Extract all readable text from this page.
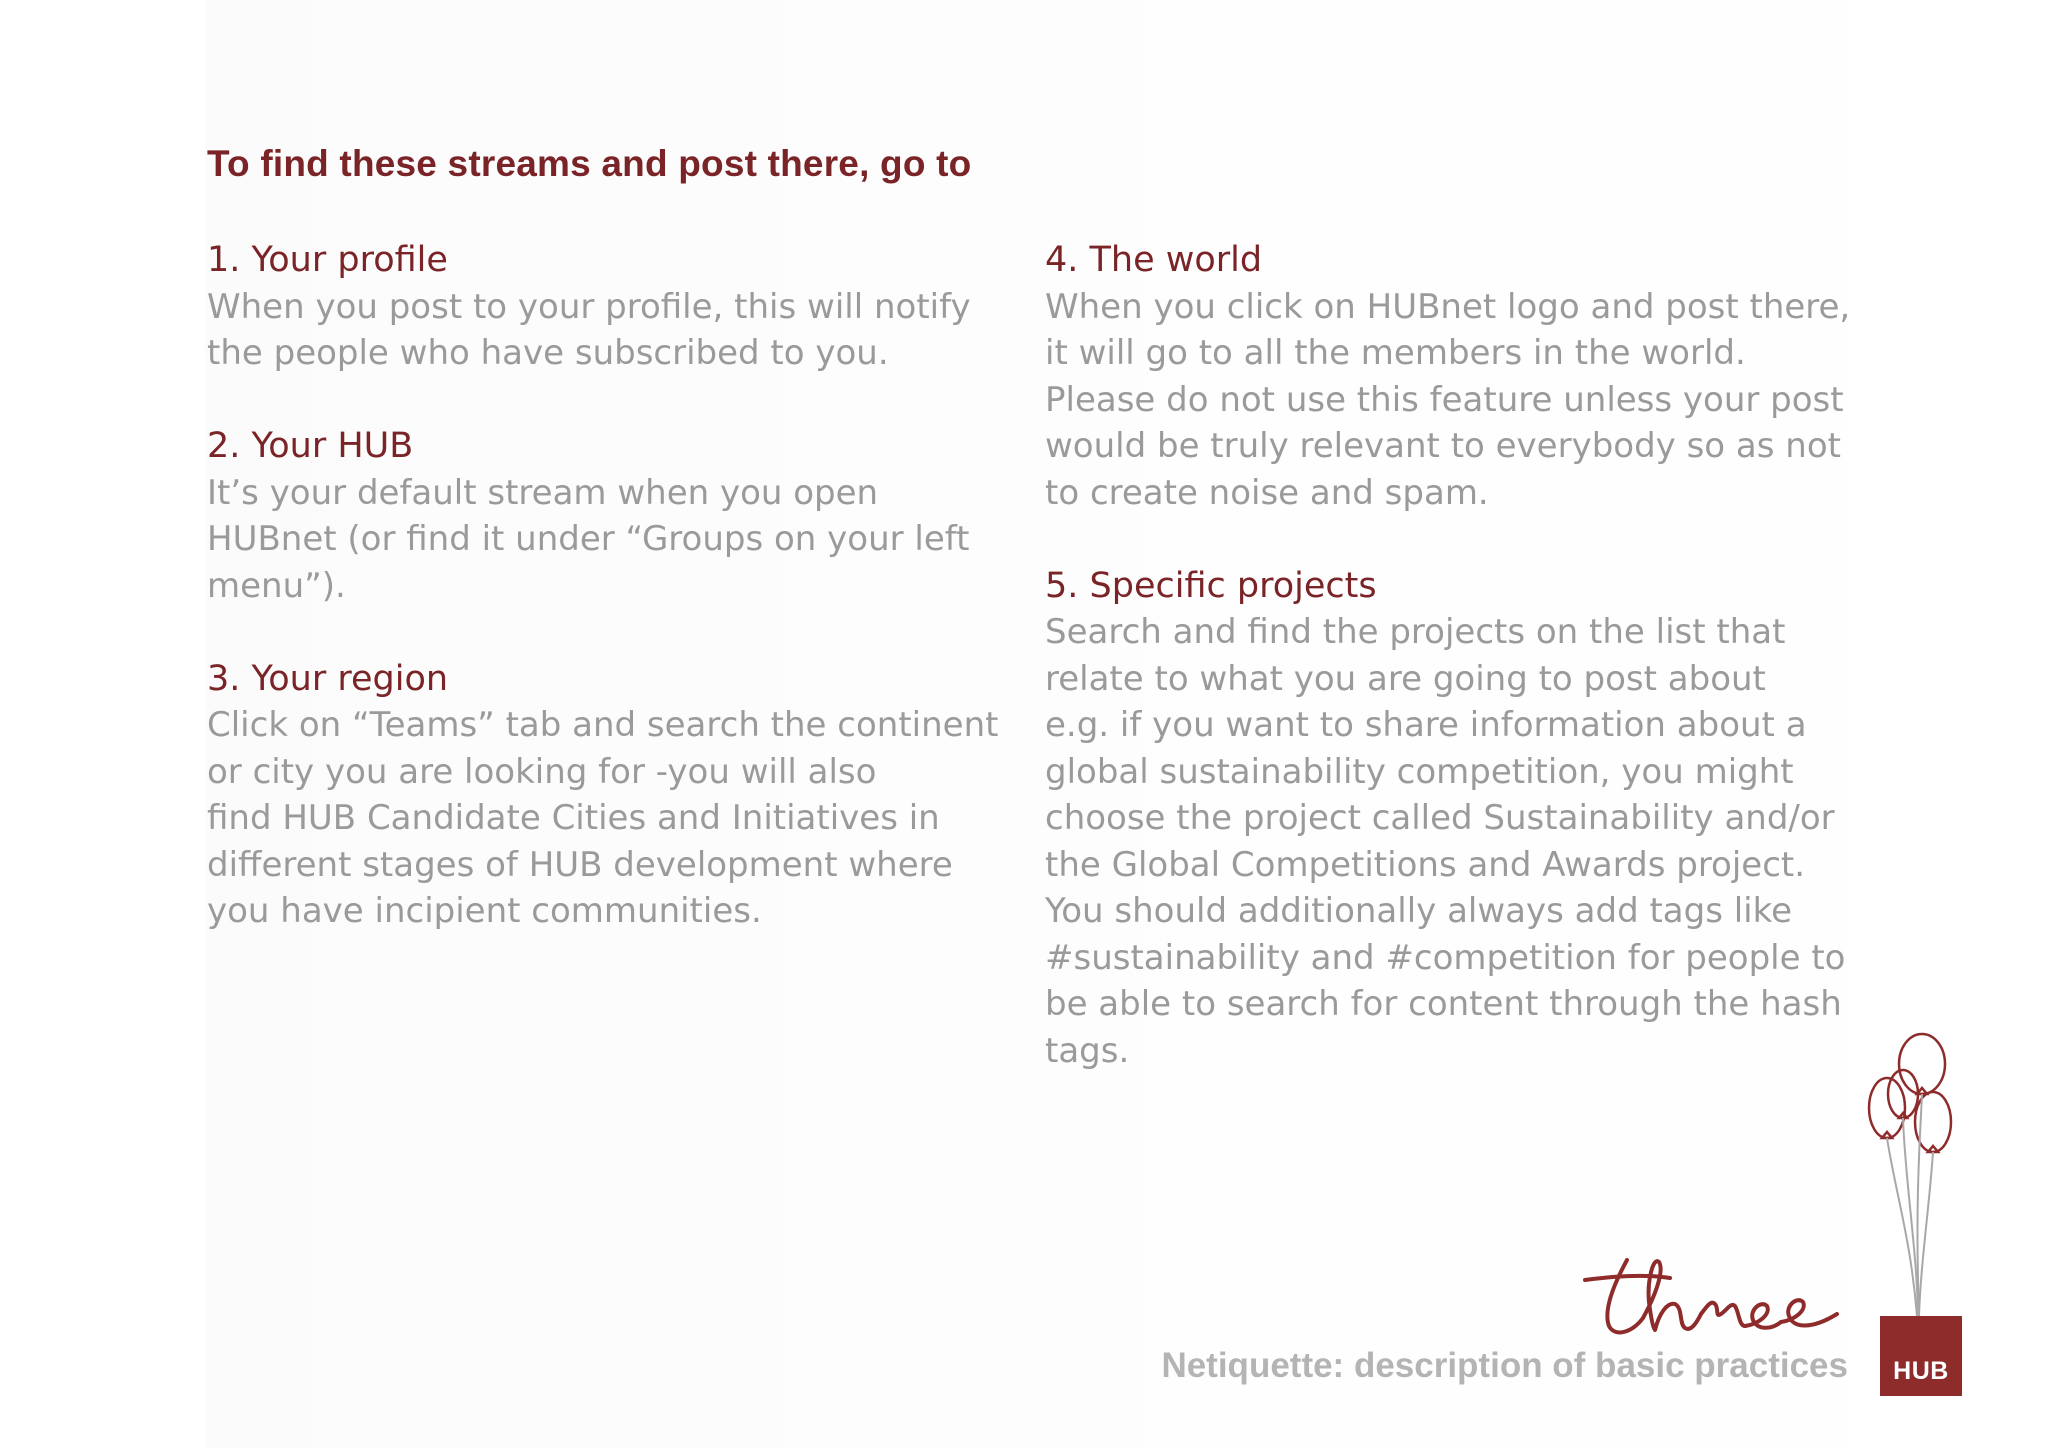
To find these streams and post there, go to
1. Your profile
When you post to your profile, this will notify
the people who have subscribed to you.
2. Your HUB
It’s your default stream when you open
HUBnet (or find it under “Groups on your left
menu”).
3. Your region
Click on “Teams” tab and search the continent
or city you are looking for -you will also
find HUB Candidate Cities and Initiatives in
different stages of HUB development where
you have incipient communities.
4. The world
When you click on HUBnet logo and post there,
it will go to all the members in the world.
Please do not use this feature unless your post
would be truly relevant to everybody so as not
to create noise and spam.
5. Specific projects
Search and find the projects on the list that
relate to what you are going to post about
e.g. if you want to share information about a
global sustainability competition, you might
choose the project called Sustainability and/or
the Global Competitions and Awards project.
You should additionally always add tags like
#sustainability and #competition for people to
be able to search for content through the hash
tags.

Netiquette: description of basic practices HUB
